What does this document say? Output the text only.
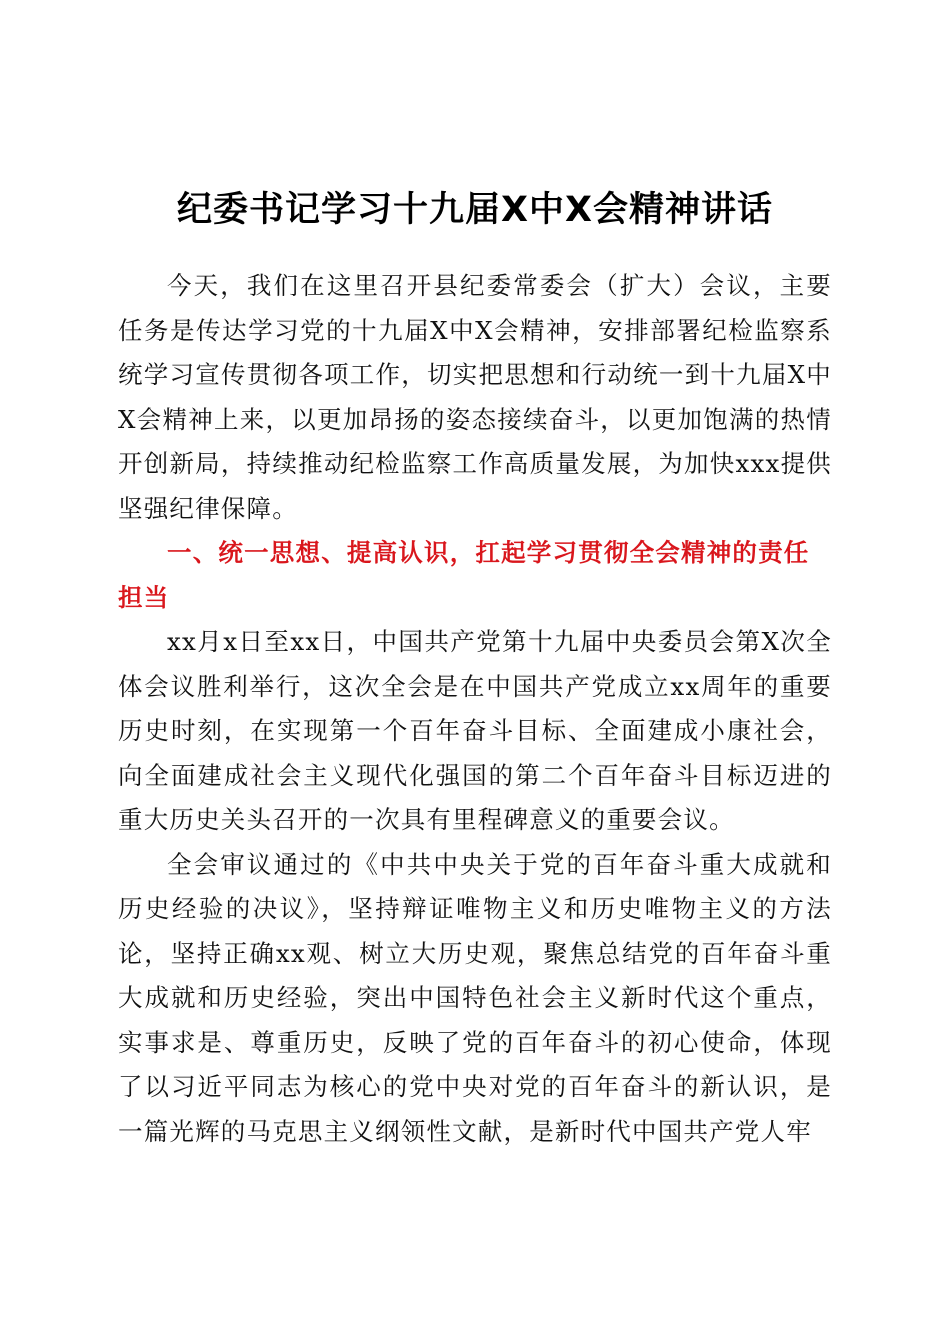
纪委书记学习十九届X中X会精神讲话

今天，我们在这里召开县纪委常委会（扩大）会议，主要任务是传达学习党的十九届X中X会精神，安排部署纪检监察系统学习宣传贯彻各项工作，切实把思想和行动统一到十九届X中X会精神上来，以更加昂扬的姿态接续奋斗，以更加饱满的热情开创新局，持续推动纪检监察工作高质量发展，为加快xxx提供坚强纪律保障。

一、统一思想、提高认识，扛起学习贯彻全会精神的责任担当

xx月x日至xx日，中国共产党第十九届中央委员会第X次全体会议胜利举行，这次全会是在中国共产党成立xx周年的重要历史时刻，在实现第一个百年奋斗目标、全面建成小康社会，向全面建成社会主义现代化强国的第二个百年奋斗目标迈进的重大历史关头召开的一次具有里程碑意义的重要会议。

全会审议通过的《中共中央关于党的百年奋斗重大成就和历史经验的决议》，坚持辩证唯物主义和历史唯物主义的方法论，坚持正确xx观、树立大历史观，聚焦总结党的百年奋斗重大成就和历史经验，突出中国特色社会主义新时代这个重点，实事求是、尊重历史，反映了党的百年奋斗的初心使命，体现了以习近平同志为核心的党中央对党的百年奋斗的新认识，是一篇光辉的马克思主义纲领性文献，是新时代中国共产党人牢
